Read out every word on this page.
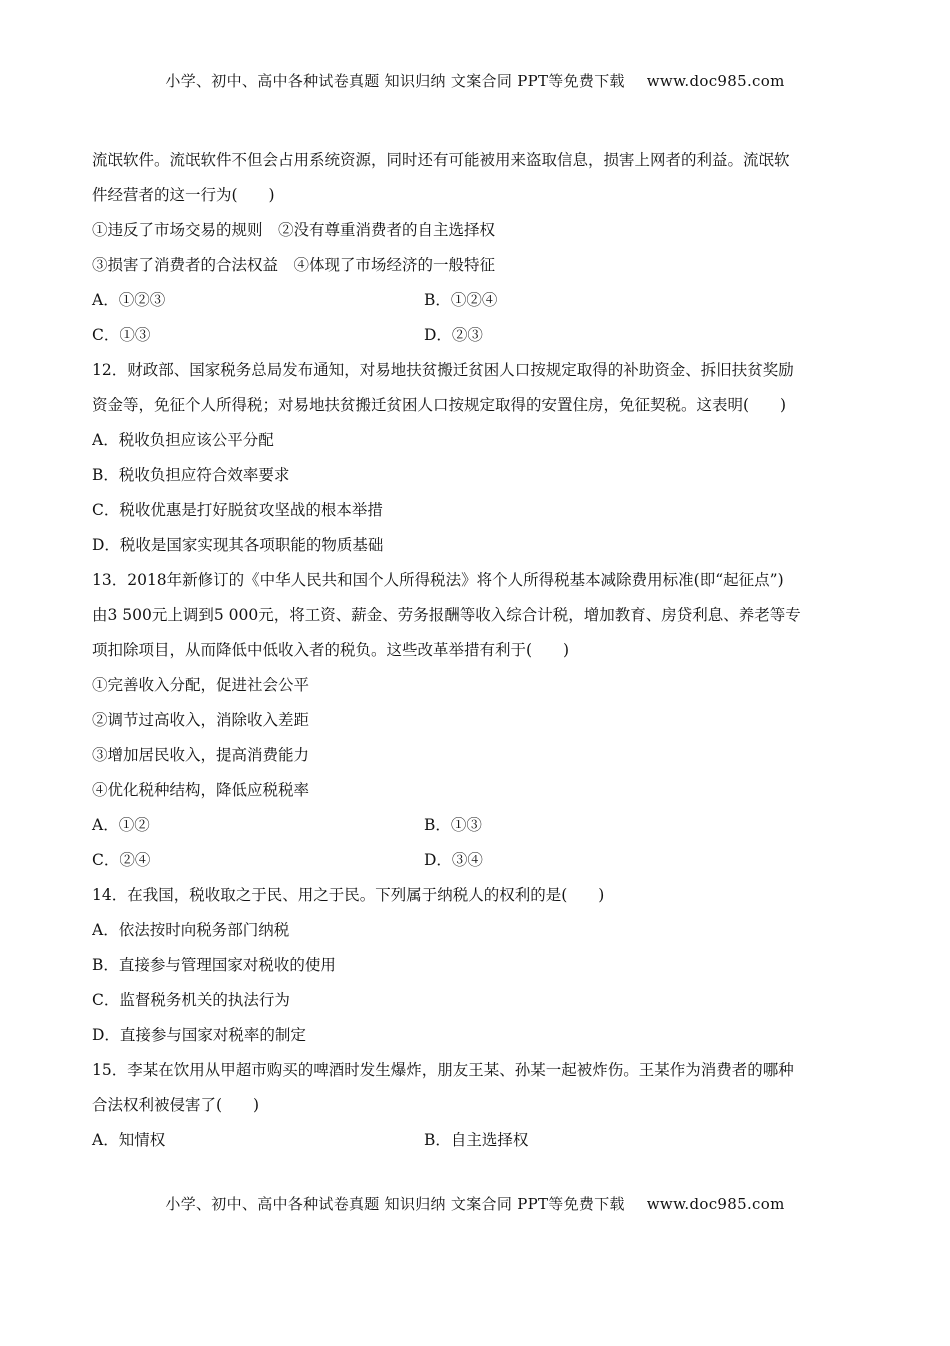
小学、初中、高中各种试卷真题 知识归纳 文案合同 PPT等免费下载 www.doc985.com
流氓软件。流氓软件不但会占用系统资源，同时还有可能被用来盗取信息，损害上网者的利益。流氓软
件经营者的这一行为(　　)
①违反了市场交易的规则　②没有尊重消费者的自主选择权
③损害了消费者的合法权益　④体现了市场经济的一般特征
A．①②③	B．①②④
C．①③	D．②③
12．财政部、国家税务总局发布通知，对易地扶贫搬迁贫困人口按规定取得的补助资金、拆旧扶贫奖励
资金等，免征个人所得税；对易地扶贫搬迁贫困人口按规定取得的安置住房，免征契税。这表明(　　)
A．税收负担应该公平分配
B．税收负担应符合效率要求
C．税收优惠是打好脱贫攻坚战的根本举措
D．税收是国家实现其各项职能的物质基础
13．2018年新修订的《中华人民共和国个人所得税法》将个人所得税基本减除费用标准(即“起征点”)
由3 500元上调到5 000元，将工资、薪金、劳务报酬等收入综合计税，增加教育、房贷利息、养老等专
项扣除项目，从而降低中低收入者的税负。这些改革举措有利于(　　)
①完善收入分配，促进社会公平
②调节过高收入，消除收入差距
③增加居民收入，提高消费能力
④优化税种结构，降低应税税率
A．①②	B．①③
C．②④	D．③④
14．在我国，税收取之于民、用之于民。下列属于纳税人的权利的是(　　)
A．依法按时向税务部门纳税
B．直接参与管理国家对税收的使用
C．监督税务机关的执法行为
D．直接参与国家对税率的制定
15．李某在饮用从甲超市购买的啤酒时发生爆炸，朋友王某、孙某一起被炸伤。王某作为消费者的哪种
合法权利被侵害了(　　)
A．知情权	B．自主选择权
小学、初中、高中各种试卷真题 知识归纳 文案合同 PPT等免费下载 www.doc985.com
